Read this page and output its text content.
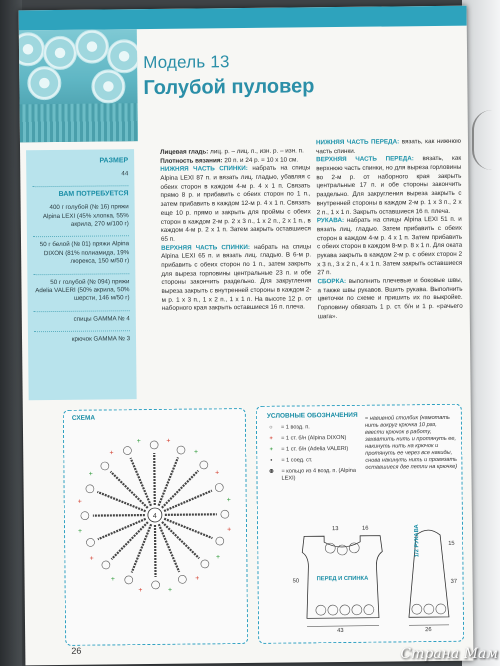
Модель 13
Голубой пуловер
РАЗМЕР
44
ВАМ ПОТРЕБУЕТСЯ
400 г голубой (№ 16) пряжи Alpina LEXI (45% хлопка, 55% акрила, 270 м/100 г)
50 г белой (№ 01) пряжи Alpina DIXON (81% полиамида, 19% люрекса, 150 м/50 г)
50 г голубой (№ 094) пряжи Adelia VALERI (50% акрила, 50% шерсти, 146 м/50 г)
спицы GAMMA № 4
крючок GAMMA № 3

Лицевая гладь: лиц. р. – лиц. п., изн. р. – изн. п.

Плотность вязания: 20 п. и 24 р. = 10 x 10 см.

НИЖНЯЯ ЧАСТЬ СПИНКИ: набрать на спицы Alpina LEXI 87 п. и вязать лиц. гладью, убавляя с обеих сторон в каждом 4-м р. 4 x 1 п. Связать прямо 8 р. и прибавить с обеих сторон по 1 п., затем прибавить в каждом 12-м р. 4 x 1 п. Связать еще 10 р. прямо и закрыть для проймы с обеих сторон в каждом 2-м р. 2 x 3 п., 1 x 2 п., 2 x 1 п., в каждом 4-м р. 2 x 1 п. Затем закрыть оставшиеся 65 п.

ВЕРХНЯЯ ЧАСТЬ СПИНКИ: набрать на спицы Alpina LEXI 65 п. и вязать лиц. гладью. В 6-м р. прибавить с обеих сторон по 1 п., затем закрыть для выреза горловины центральные 23 п. и обе стороны закончить раздельно. Для закругления выреза закрыть с внутренней стороны в каждом 2-м р. 1 x 3 п., 1 x 2 п., 1 x 1 п. На высоте 12 р. от наборного края закрыть оставшиеся 16 п. плеча.

НИЖНЯЯ ЧАСТЬ ПЕРЕДА: вязать, как нижнюю часть спинки.

ВЕРХНЯЯ ЧАСТЬ ПЕРЕДА: вязать, как верхнюю часть спинки, но для выреза горловины во 2-м р. от наборного края закрыть центральные 17 п. и обе стороны закончить раздельно. Для закругления выреза закрыть с внутренней стороны в каждом 2-м р. 1 x 3 п., 2 x 2 п., 1 x 1 п. Закрыть оставшиеся 16 п. плеча.

РУКАВА: набрать на спицы Alpina LEXI 51 п. и вязать лиц. гладью. Затем прибавить с обеих сторон в каждом 4-м р. 4 x 1 п. Затем прибавить с обеих сторон в каждом 8-м р. 8 x 1 п. Для оката рукава закрыть в каждом 2-м р. с обеих сторон 2 x 3 п., 3 x 2 п., 4 x 1 п. Затем закрыть оставшиеся 27 п.

СБОРКА: выполнить плечевые и боковые швы, а также швы рукавов. Вшить рукава. Выполнить цветочки по схеме и пришить их по выкройке. Горловину обвязать 1 р. ст. б/н и 1 р. «рачьего шага».

СХЕМА
+
+
+
+
+
+
+
+
+
+
+
+	+
+
+
+
4
УСЛОВНЫЕ ОБОЗНАЧЕНИЯ
○	= 1 возд. п.
+	= 1 ст. б/н (Alpina DIXON)
+	= 1 ст. б/н (Adelia VALERI)
•	= 1 соед. ст.
⊕	= кольцо из 4 возд. п. (Alpina LEXI)
= навивной столбик (намотать нить вокруг крючка 10 раз, ввести крючок в работу, захватить нить и протянуть ее, накинуть нить на крючок и протянуть ее через все накиды, снова накинуть нить и провязать оставшиеся две петли на крючке)
ПЕРЕД И СПИНКА
1/2 РУКАВА
13	16
50
43
15
37
26
26	Страна Мам
